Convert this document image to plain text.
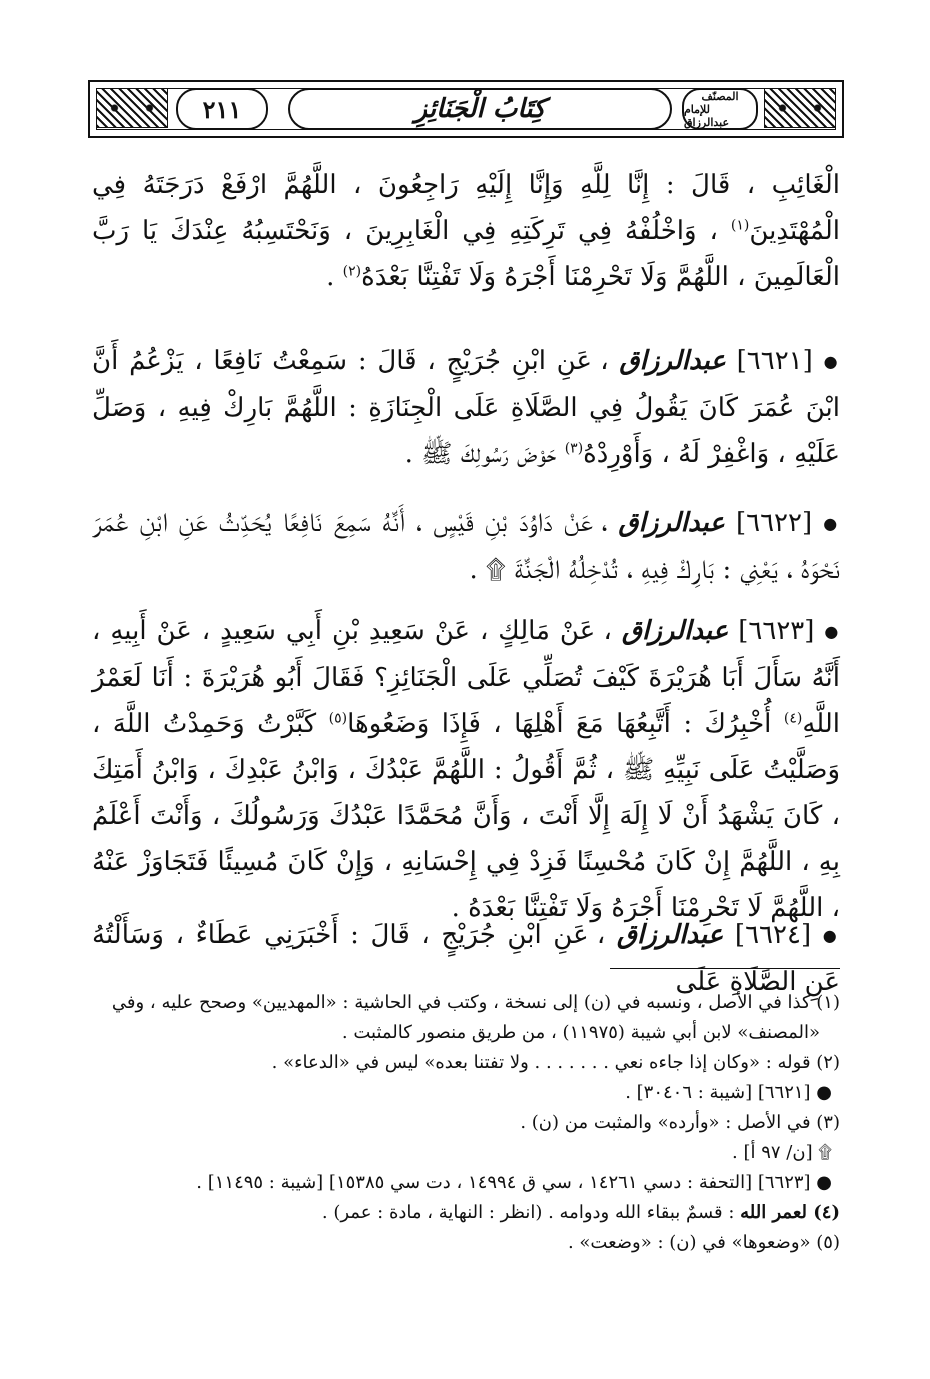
٢١١	كِتَابُ الْجَنَائِزِ	المصنّف
للإمام عبدالرزاق

الْغَائِبِ ، قَالَ : إِنَّا لِلَّهِ وَإِنَّا إِلَيْهِ رَاجِعُونَ ، اللَّهُمَّ ارْفَعْ دَرَجَتَهُ فِي الْمُهْتَدِينَ$^{(١)}$ ، وَاخْلُفْهُ فِي تَرِكَتِهِ فِي الْغَابِرِينَ ، وَنَحْتَسِبُهُ عِنْدَكَ يَا رَبَّ الْعَالَمِينَ ، اللَّهُمَّ وَلَا تَحْرِمْنَا أَجْرَهُ وَلَا تَفْتِنَّا بَعْدَهُ$^{(٢)}$ .

● [٦٦٢١] عبدالرزاق ، عَنِ ابْنِ جُرَيْجٍ ، قَالَ : سَمِعْتُ نَافِعًا ، يَزْعُمُ أَنَّ ابْنَ عُمَرَ كَانَ يَقُولُ فِي الصَّلَاةِ عَلَى الْجِنَازَةِ : اللَّهُمَّ بَارِكْ فِيهِ ، وَصَلِّ عَلَيْهِ ، وَاغْفِرْ لَهُ ، وَأَوْرِدْهُ$^{(٣)}$ حَوْضَ رَسُولِكَ ﷺ .

● [٦٦٢٢] عبدالرزاق ، عَنْ دَاوُدَ بْنِ قَيْسٍ ، أَنَّهُ سَمِعَ نَافِعًا يُحَدِّثُ عَنِ ابْنِ عُمَرَ نَحْوَهُ ، يَعْنِي : بَارِكْ فِيهِ ، تُدْخِلُهُ الْجَنَّةَ ۩ .

● [٦٦٢٣] عبدالرزاق ، عَنْ مَالِكٍ ، عَنْ سَعِيدِ بْنِ أَبِي سَعِيدٍ ، عَنْ أَبِيهِ ، أَنَّهُ سَأَلَ أَبَا هُرَيْرَةَ كَيْفَ تُصَلِّي عَلَى الْجَنَائِزِ؟ فَقَالَ أَبُو هُرَيْرَةَ : أَنَا لَعَمْرُ اللَّهِ$^{(٤)}$ أُخْبِرُكَ : أَتَّبِعُهَا مَعَ أَهْلِهَا ، فَإِذَا وَضَعُوهَا$^{(٥)}$ كَبَّرْتُ وَحَمِدْتُ اللَّهَ ، وَصَلَّيْتُ عَلَى نَبِيِّهِ ﷺ ، ثُمَّ أَقُولُ : اللَّهُمَّ عَبْدُكَ ، وَابْنُ عَبْدِكَ ، وَابْنُ أَمَتِكَ ، كَانَ يَشْهَدُ أَنْ لَا إِلَهَ إِلَّا أَنْتَ ، وَأَنَّ مُحَمَّدًا عَبْدُكَ وَرَسُولُكَ ، وَأَنْتَ أَعْلَمُ بِهِ ، اللَّهُمَّ إِنْ كَانَ مُحْسِنًا فَزِدْ فِي إِحْسَانِهِ ، وَإِنْ كَانَ مُسِيئًا فَتَجَاوَزْ عَنْهُ ، اللَّهُمَّ لَا تَحْرِمْنَا أَجْرَهُ وَلَا تَفْتِنَّا بَعْدَهُ .

● [٦٦٢٤] عبدالرزاق ، عَنِ ابْنِ جُرَيْجٍ ، قَالَ : أَخْبَرَنِي عَطَاءٌ ، وَسَأَلْتُهُ عَنِ الصَّلَاةِ عَلَى

(١) كذا في الأصل ، ونسبه في (ن) إلى نسخة ، وكتب في الحاشية : «المهديين» وصحح عليه ، وفي «المصنف» لابن أبي شيبة (١١٩٧٥) ، من طريق منصور كالمثبت .

(٢) قوله : «وكان إذا جاءه نعي . . . . . . . ولا تفتنا بعده» ليس في «الدعاء» .

● [٦٦٢١] [شيبة : ٣٠٤٠٦] .

(٣) في الأصل : «وأرده» والمثبت من (ن) .

۩ [ن/ ٩٧ أ] .

● [٦٦٢٣] [التحفة : دسي ١٤٢٦١ ، سي ق ١٤٩٩٤ ، دت سي ١٥٣٨٥] [شيبة : ١١٤٩٥] .

(٤) لعمر الله : قسمٌ ببقاء الله ودوامه . (انظر : النهاية ، مادة : عمر) .

(٥) «وضعوها» في (ن) : «وضعت» .
